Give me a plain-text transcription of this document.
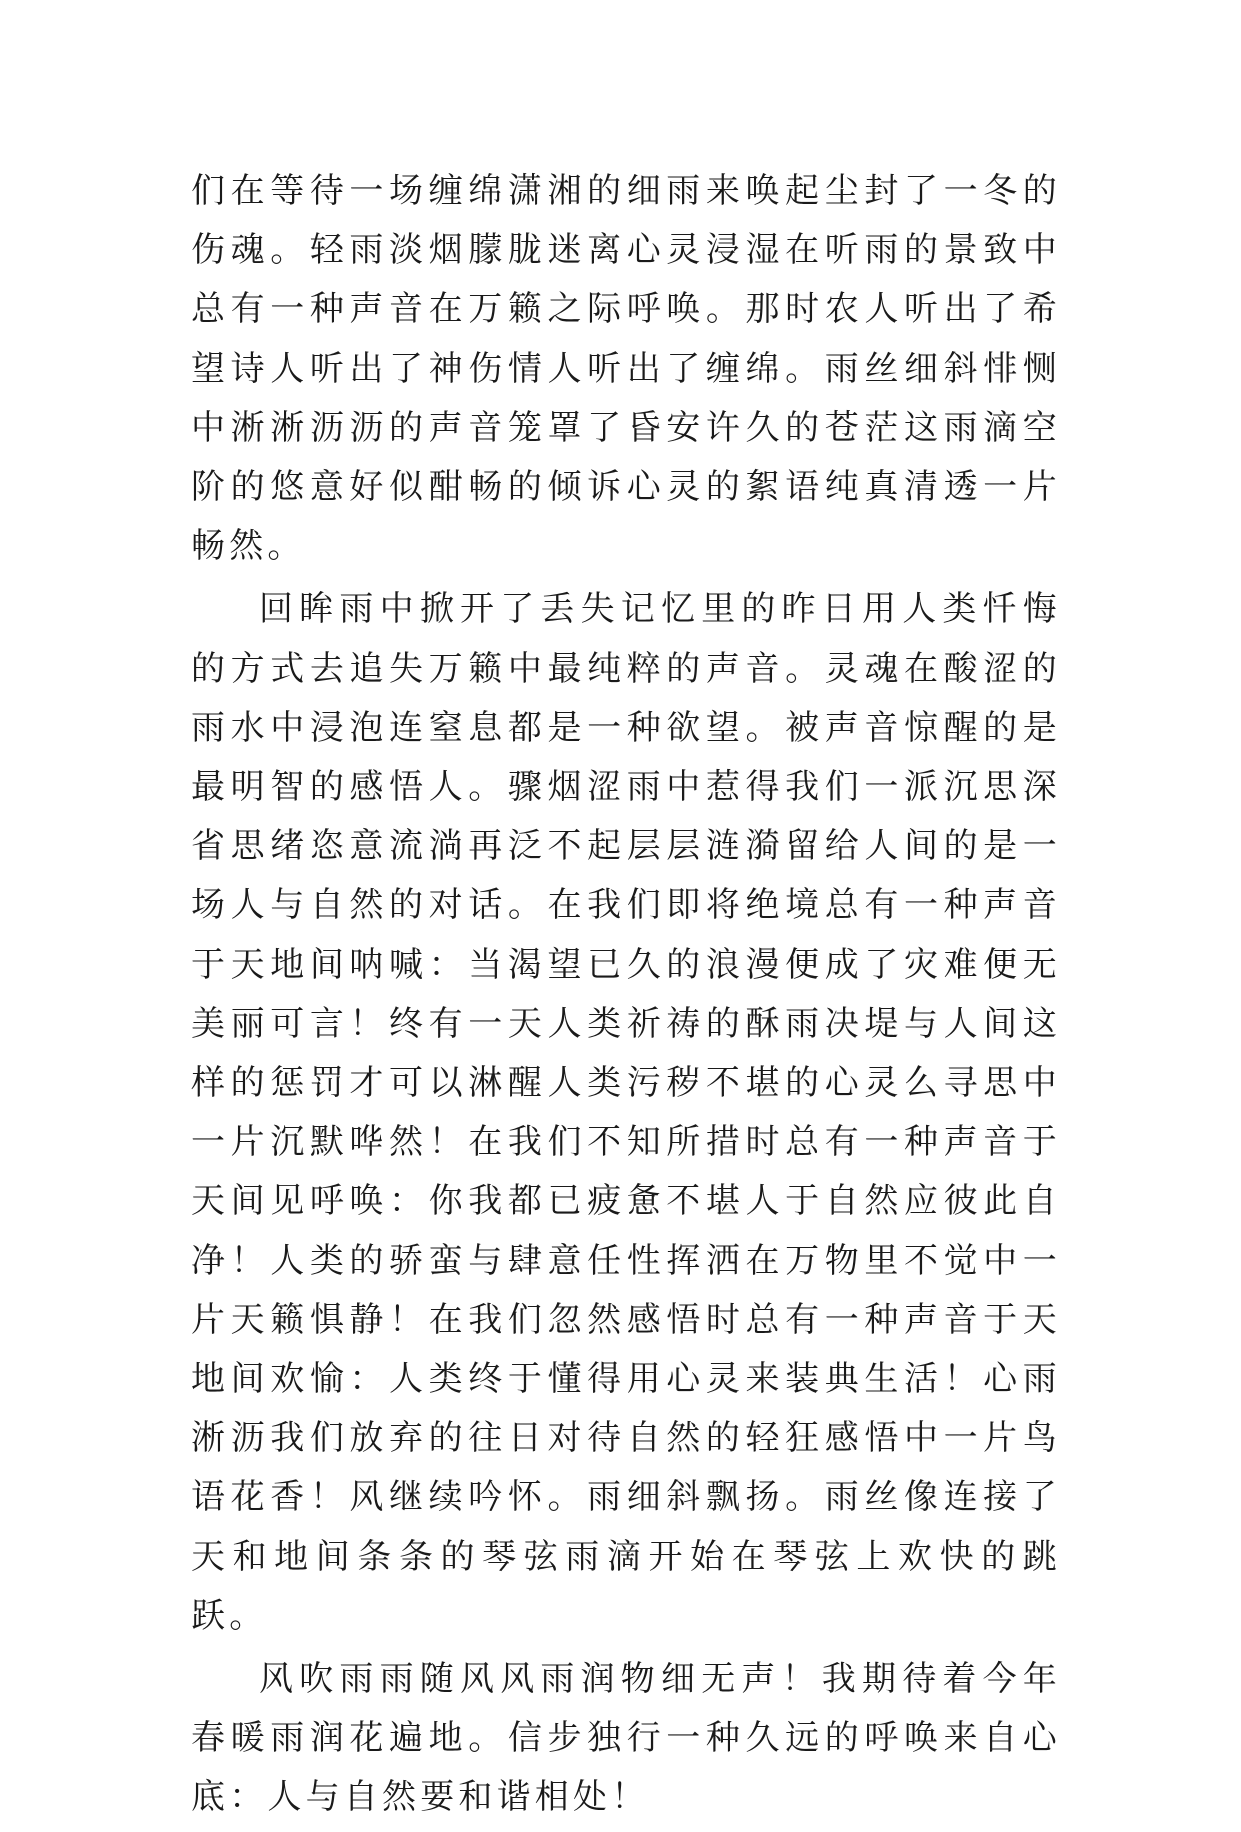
们在等待一场缠绵潇湘的细雨来唤起尘封了一冬的伤魂。轻雨淡烟朦胧迷离心灵浸湿在听雨的景致中总有一种声音在万籁之际呼唤。那时农人听出了希望诗人听出了神伤情人听出了缠绵。雨丝细斜悱恻中淅淅沥沥的声音笼罩了昏安许久的苍茫这雨滴空阶的悠意好似酣畅的倾诉心灵的絮语纯真清透一片畅然。

回眸雨中掀开了丢失记忆里的昨日用人类忏悔的方式去追失万籁中最纯粹的声音。灵魂在酸涩的雨水中浸泡连窒息都是一种欲望。被声音惊醒的是最明智的感悟人。骤烟涩雨中惹得我们一派沉思深省思绪恣意流淌再泛不起层层涟漪留给人间的是一场人与自然的对话。在我们即将绝境总有一种声音于天地间呐喊：当渴望已久的浪漫便成了灾难便无美丽可言！终有一天人类祈祷的酥雨决堤与人间这样的惩罚才可以淋醒人类污秽不堪的心灵么寻思中一片沉默哗然！在我们不知所措时总有一种声音于天间见呼唤：你我都已疲惫不堪人于自然应彼此自净！人类的骄蛮与肆意任性挥洒在万物里不觉中一片天籁惧静！在我们忽然感悟时总有一种声音于天地间欢愉：人类终于懂得用心灵来装典生活！心雨淅沥我们放弃的往日对待自然的轻狂感悟中一片鸟语花香！风继续吟怀。雨细斜飘扬。雨丝像连接了天和地间条条的琴弦雨滴开始在琴弦上欢快的跳跃。

风吹雨雨随风风雨润物细无声！我期待着今年春暖雨润花遍地。信步独行一种久远的呼唤来自心底：人与自然要和谐相处！
